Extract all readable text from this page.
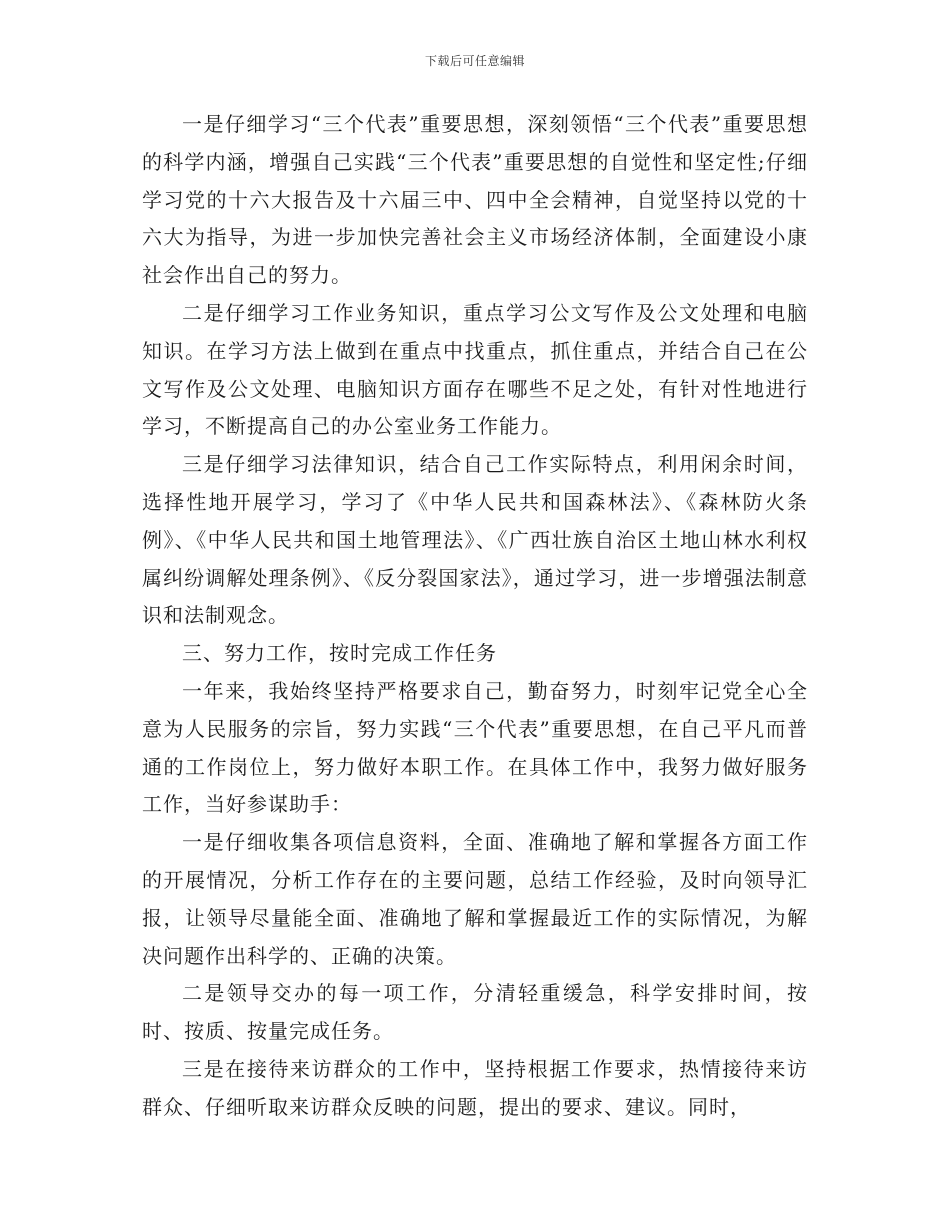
下载后可任意编辑

一是仔细学习“三个代表”重要思想，深刻领悟“三个代表”重要思想的科学内涵，增强自己实践“三个代表”重要思想的自觉性和坚定性;仔细学习党的十六大报告及十六届三中、四中全会精神，自觉坚持以党的十六大为指导，为进一步加快完善社会主义市场经济体制，全面建设小康社会作出自己的努力。

二是仔细学习工作业务知识，重点学习公文写作及公文处理和电脑知识。在学习方法上做到在重点中找重点，抓住重点，并结合自己在公文写作及公文处理、电脑知识方面存在哪些不足之处，有针对性地进行学习，不断提高自己的办公室业务工作能力。

三是仔细学习法律知识，结合自己工作实际特点，利用闲余时间，选择性地开展学习，学习了《中华人民共和国森林法》、《森林防火条例》、《中华人民共和国土地管理法》、《广西壮族自治区土地山林水利权属纠纷调解处理条例》、《反分裂国家法》，通过学习，进一步增强法制意识和法制观念。

三、努力工作，按时完成工作任务

一年来，我始终坚持严格要求自己，勤奋努力，时刻牢记党全心全意为人民服务的宗旨，努力实践“三个代表”重要思想，在自己平凡而普通的工作岗位上，努力做好本职工作。在具体工作中，我努力做好服务工作，当好参谋助手：

一是仔细收集各项信息资料，全面、准确地了解和掌握各方面工作的开展情况，分析工作存在的主要问题，总结工作经验，及时向领导汇报，让领导尽量能全面、准确地了解和掌握最近工作的实际情况，为解决问题作出科学的、正确的决策。

二是领导交办的每一项工作，分清轻重缓急，科学安排时间，按时、按质、按量完成任务。

三是在接待来访群众的工作中，坚持根据工作要求，热情接待来访群众、仔细听取来访群众反映的问题，提出的要求、建议。同时，
